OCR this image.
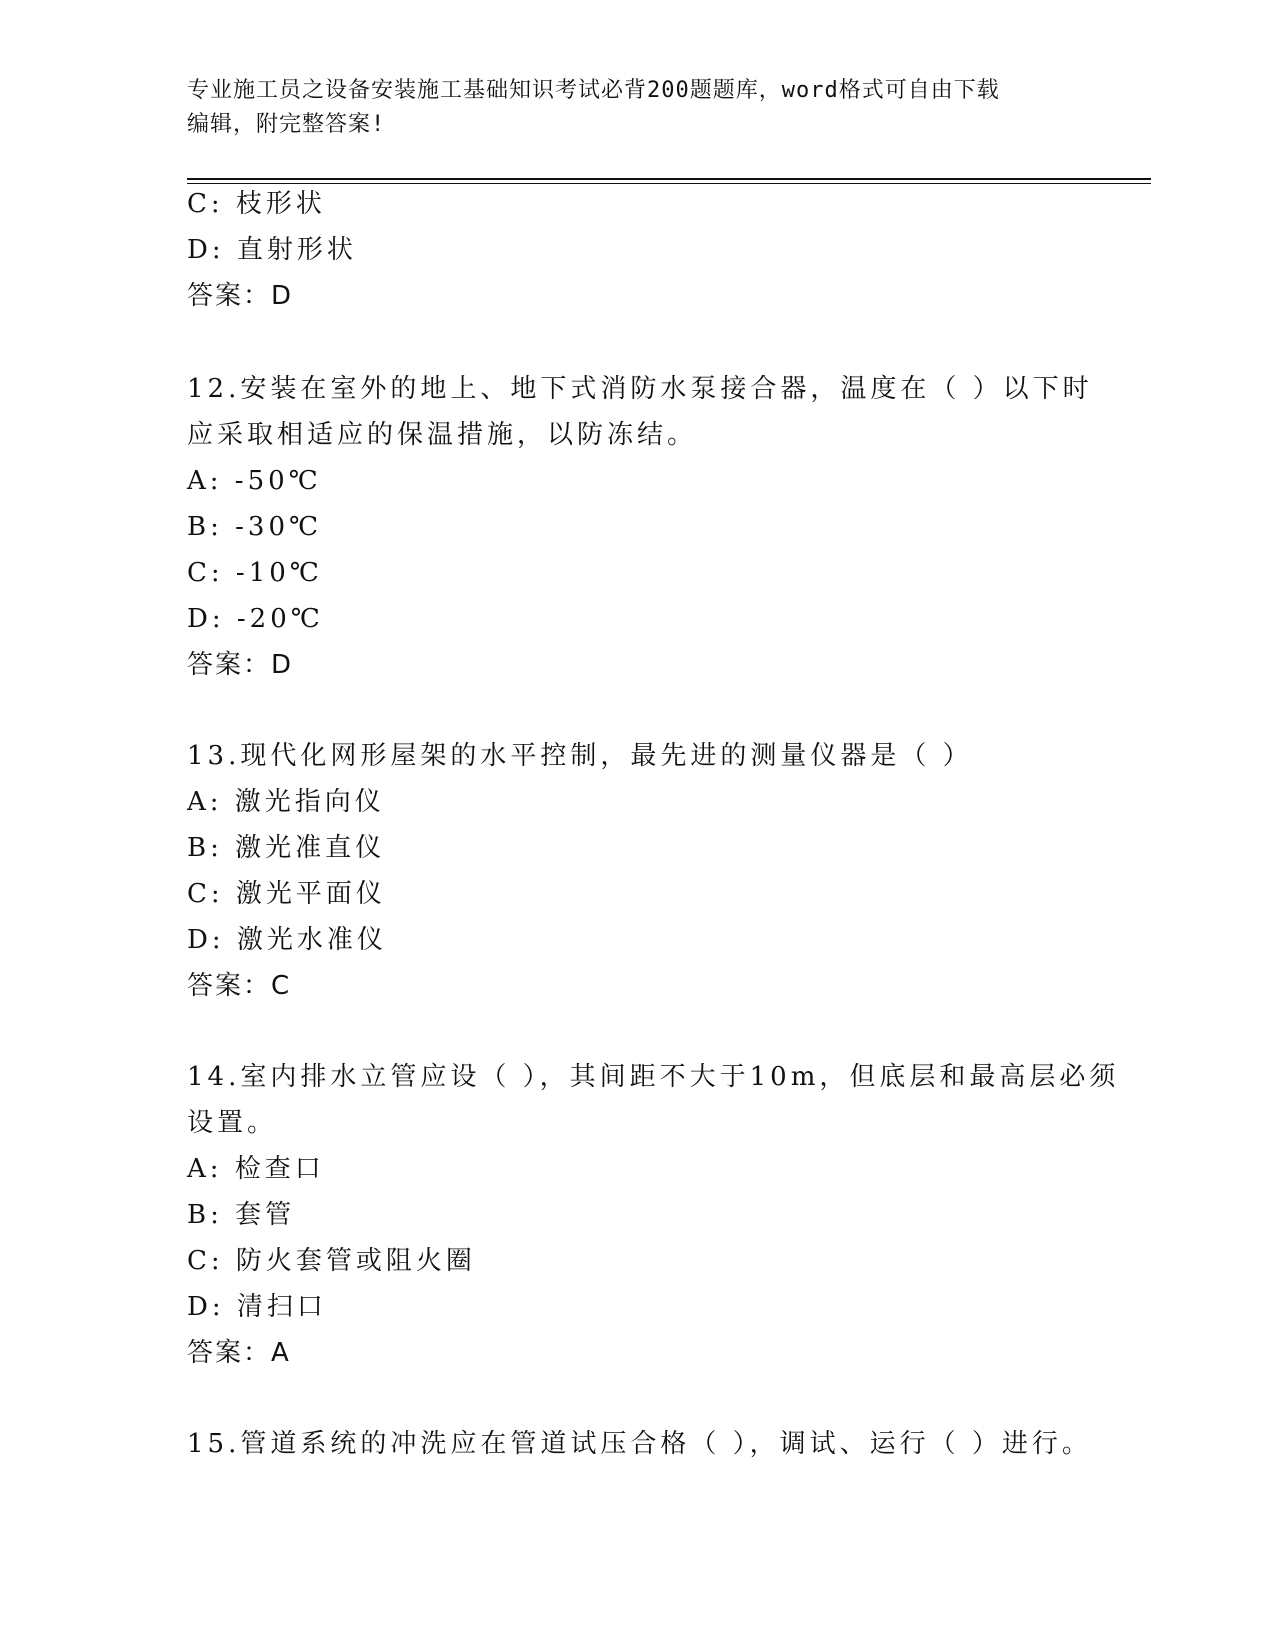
专业施工员之设备安装施工基础知识考试必背200题题库，word格式可自由下载
编辑，附完整答案!
C: 枝形状
D: 直射形状
答案：D
12.安装在室外的地上、地下式消防水泵接合器，温度在（ ）以下时
应采取相适应的保温措施，以防冻结。
A: -50℃
B: -30℃
C: -10℃
D: -20℃
答案：D
13.现代化网形屋架的水平控制，最先进的测量仪器是（ ）
A: 激光指向仪
B: 激光准直仪
C: 激光平面仪
D: 激光水准仪
答案：C
14.室内排水立管应设（ ），其间距不大于10m，但底层和最高层必须
设置。
A: 检查口
B: 套管
C: 防火套管或阻火圈
D: 清扫口
答案：A
15.管道系统的冲洗应在管道试压合格（ ），调试、运行（ ）进行。
